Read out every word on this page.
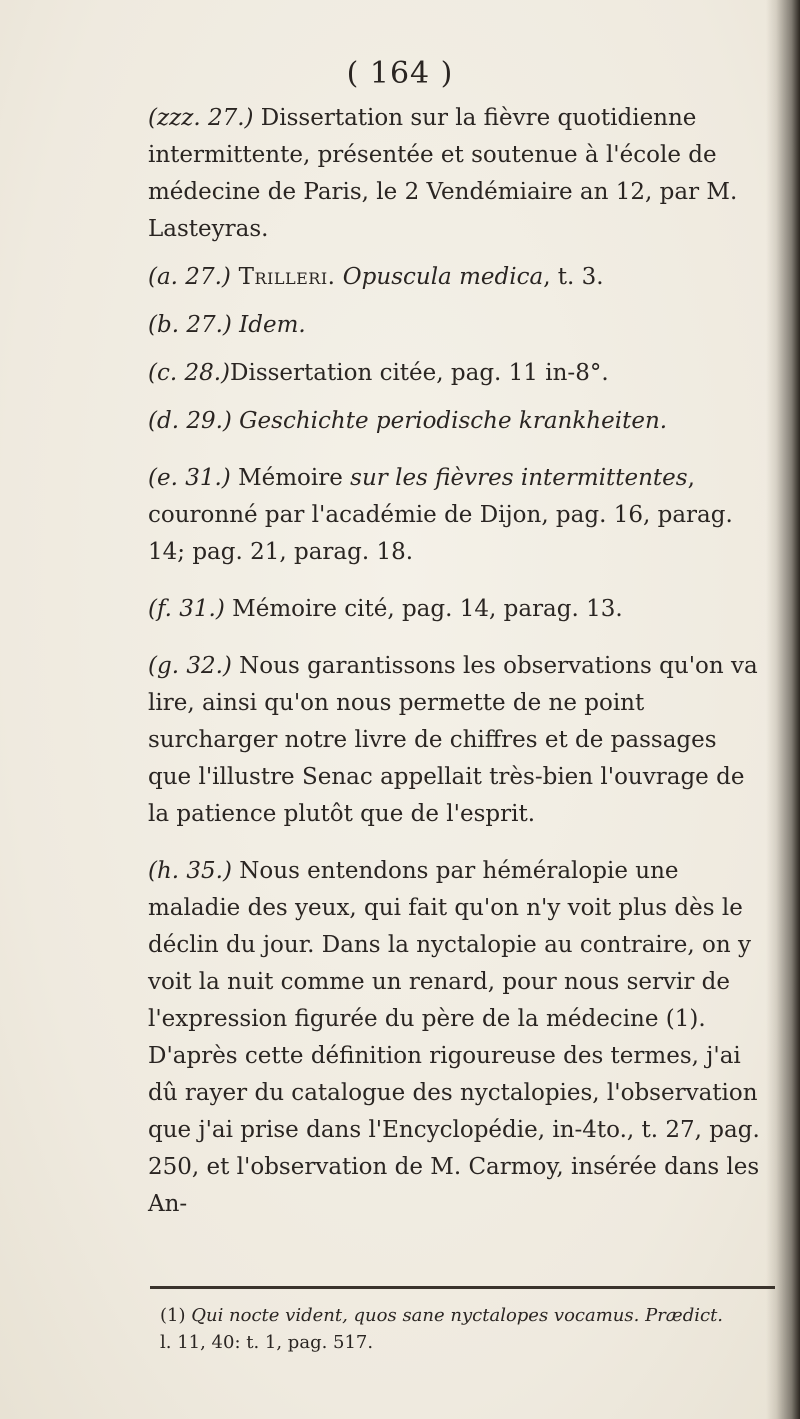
( 164 )

(zzz. 27.) Dissertation sur la fièvre quotidienne intermittente, présentée et soutenue à l'école de médecine de Paris, le 2 Vendémiaire an 12, par M. Lasteyras.

(a. 27.) Trilleri. Opuscula medica, t. 3.

(b. 27.) Idem.

(c. 28.)Dissertation citée, pag. 11 in-8°.

(d. 29.) Geschichte periodische krankheiten.

(e. 31.) Mémoire sur les fièvres intermittentes, couronné par l'académie de Dijon, pag. 16, parag. 14; pag. 21, parag. 18.

(f. 31.) Mémoire cité, pag. 14, parag. 13.

(g. 32.) Nous garantissons les observations qu'on va lire, ainsi qu'on nous permette de ne point surcharger notre livre de chiffres et de passages que l'illustre Senac appellait très-bien l'ouvrage de la patience plutôt que de l'esprit.

(h. 35.) Nous entendons par héméralopie une maladie des yeux, qui fait qu'on n'y voit plus dès le déclin du jour. Dans la nyctalopie au contraire, on y voit la nuit comme un renard, pour nous servir de l'expression figurée du père de la médecine (1). D'après cette définition rigoureuse des termes, j'ai dû rayer du catalogue des nyctalopies, l'observation que j'ai prise dans l'Encyclopédie, in-4to., t. 27, pag. 250, et l'observation de M. Carmoy, insérée dans les An-

(1) Qui nocte vident, quos sane nyctalopes vocamus. Prædict.
l. 11, 40: t. 1, pag. 517.
